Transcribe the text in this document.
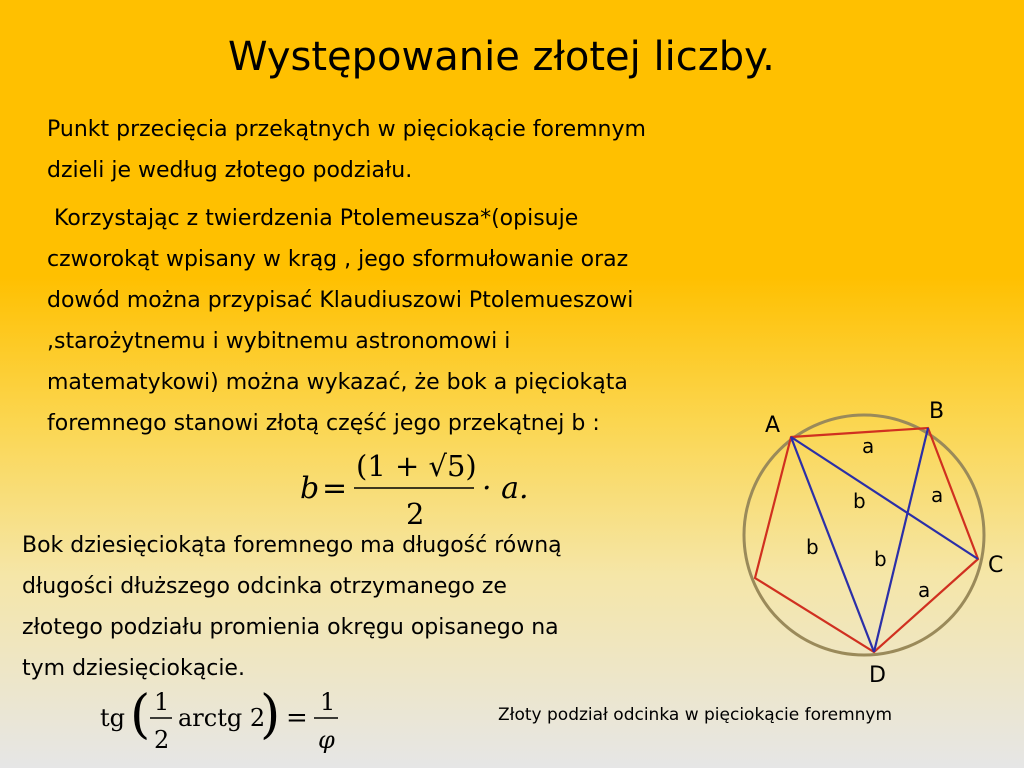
Występowanie złotej liczby.

Punkt przecięcia przekątnych w pięciokącie foremnym
dzieli je według złotego podziału.

Korzystając z twierdzenia Ptolemeusza*(opisuje
czworokąt wpisany w krąg , jego sformułowanie oraz
dowód można przypisać Klaudiuszowi Ptolemueszowi
,starożytnemu i wybitnemu astronomowi i
matematykowi) można wykazać, że bok a pięciokąta
foremnego stanowi złotą część jego przekątnej b :

b =
(1 + √5)
2
· a.

Bok dziesięciokąta foremnego ma długość równą
długości dłuższego odcinka otrzymanego ze
złotego podziału promienia okręgu opisanego na
tym dziesięciokącie.

tg ( 1
2
arctg 2
) =
1
φ
A
B
C
D
a
a
a
b
b	b
Złoty podział odcinka w pięciokącie foremnym
